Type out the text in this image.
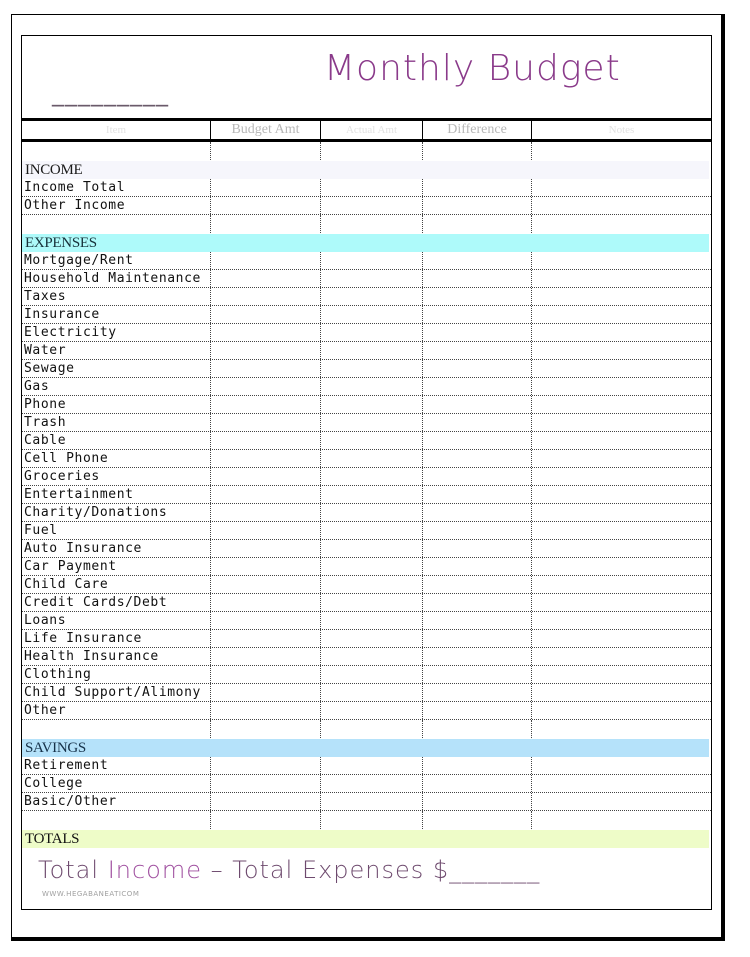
_________
Monthly Budget
Item	Budget Amt	Actual Amt	Difference	Notes
INCOME
Income Total
Other Income
EXPENSES
Mortgage/Rent
Household Maintenance
Taxes
Insurance
Electricity
Water
Sewage
Gas
Phone
Trash
Cable
Cell Phone
Groceries
Entertainment
Charity/Donations
Fuel
Auto Insurance
Car Payment
Child Care
Credit Cards/Debt
Loans
Life Insurance
Health Insurance
Clothing
Child Support/Alimony
Other
SAVINGS
Retirement
College
Basic/Other
TOTALS
Total Income – Total Expenses $_______
WWW.HEGABANEATICOM
